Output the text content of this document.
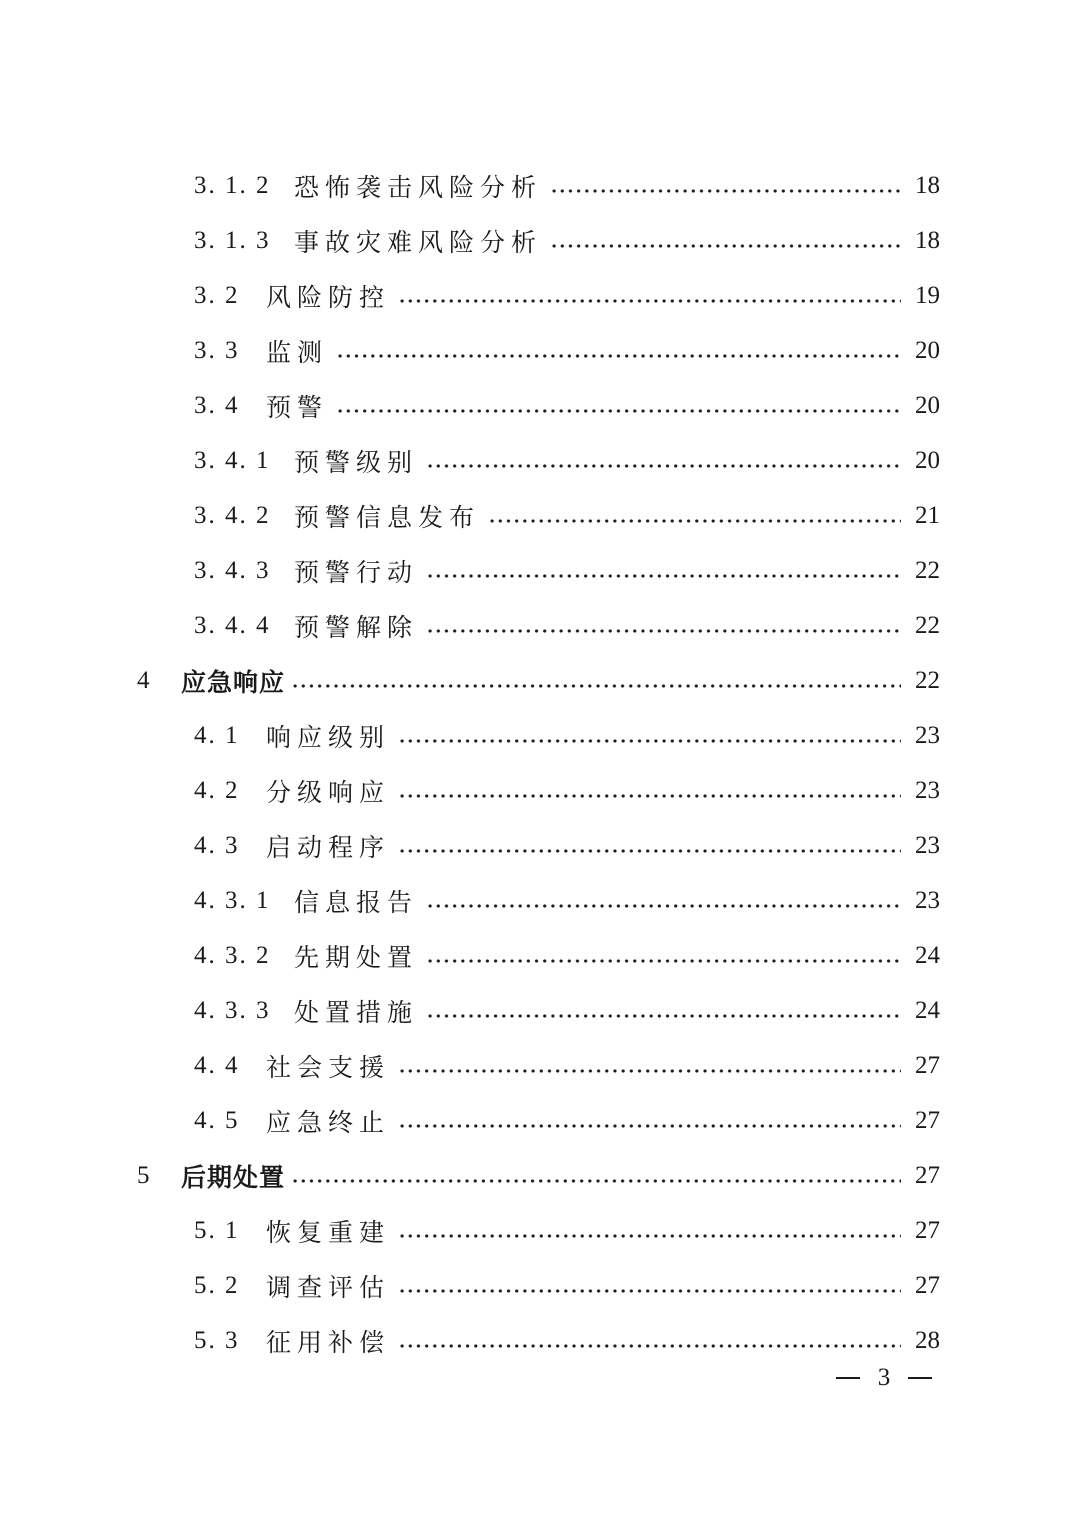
3. 1. 2 恐怖袭击风险分析	18
3. 1. 3 事故灾难风险分析	18
3. 2	风险防控	19
3. 3	监测	20
3. 4	预警	20
3. 4. 1 预警级别	20
3. 4. 2 预警信息发布	21
3. 4. 3 预警行动	22
3. 4. 4 预警解除	22
4	应急响应	22
4. 1	响应级别	23
4. 2	分级响应	23
4. 3	启动程序	23
4. 3. 1 信息报告	23
4. 3. 2 先期处置	24
4. 3. 3 处置措施	24
4. 4	社会支援	27
4. 5	应急终止	27
5	后期处置	27
5. 1	恢复重建	27
5. 2	调查评估	27
5. 3	征用补偿	28
3
